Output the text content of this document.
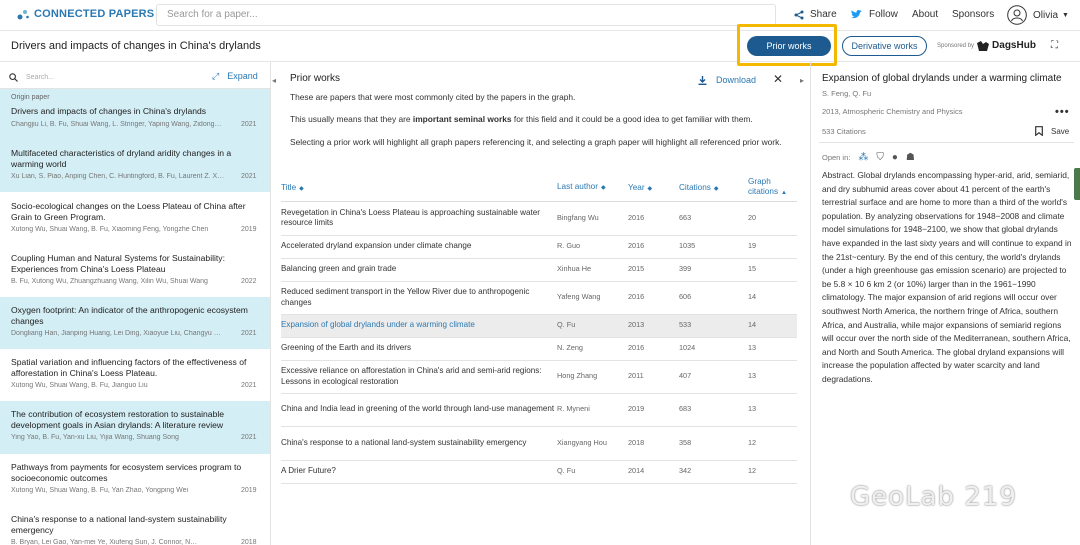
CONNECTED PAPERS	Search for a paper...	Share	Follow About Sponsors	Olivia ▼
Drivers and impacts of changes in China's drylands	Prior works	Derivative works	Sponsored by DagsHub ⛶
Search...	⤢ Expand
Origin paper
Drivers and impacts of changes in China's drylands
Changjiu Li, B. Fu, Shuai Wang, L. Stringer, Yaping Wang, Zidong…	2021
Multifaceted characteristics of dryland aridity changes in a warming world
Xu Lian, S. Piao, Anping Chen, C. Huntingford, B. Fu, Laurent Z. X…	2021
Socio-ecological changes on the Loess Plateau of China after Grain to Green Program.
Xutong Wu, Shuai Wang, B. Fu, Xiaoming Feng, Yongzhe Chen	2019
Coupling Human and Natural Systems for Sustainability: Experiences from China's Loess Plateau
B. Fu, Xutong Wu, Zhuangzhuang Wang, Xilin Wu, Shuai Wang	2022
Oxygen footprint: An indicator of the anthropogenic ecosystem changes
Dongliang Han, Jianping Huang, Lei Ding, Xiaoyue Liu, Changyu …	2021
Spatial variation and influencing factors of the effectiveness of afforestation in China's Loess Plateau.
Xutong Wu, Shuai Wang, B. Fu, Jianguo Liu	2021
The contribution of ecosystem restoration to sustainable development goals in Asian drylands: A literature review
Ying Yao, B. Fu, Yan-xu Liu, Yijia Wang, Shuang Song	2021
Pathways from payments for ecosystem services program to socioeconomic outcomes
Xutong Wu, Shuai Wang, B. Fu, Yan Zhao, Yongping Wei	2019
China's response to a national land-system sustainability emergency
B. Bryan, Lei Gao, Yan-mei Ye, Xiufeng Sun, J. Connor, N…	2018
◂	▸
Prior works	Download ✕
These are papers that were most commonly cited by the papers in the graph.
This usually means that they are important seminal works for this field and it could be a good idea to get familiar with them.
Selecting a prior work will highlight all graph papers referencing it, and selecting a graph paper will highlight all referenced prior work.
Title ◆	Last author ◆	Year ◆	Citations ◆	Graph citations ▲
Revegetation in China's Loess Plateau is approaching sustainable water resource limits	Bingfang Wu	2016	663	20
Accelerated dryland expansion under climate change	R. Guo	2016	1035	19
Balancing green and grain trade	Xinhua He	2015	399	15
Reduced sediment transport in the Yellow River due to anthropogenic changes	Yafeng Wang	2016	606	14
Expansion of global drylands under a warming climate	Q. Fu	2013	533	14
Greening of the Earth and its drivers	N. Zeng	2016	1024	13
Excessive reliance on afforestation in China's arid and semi-arid regions: Lessons in ecological restoration	Hong Zhang	2011	407	13
China and India lead in greening of the world through land-use management	R. Myneni	2019	683	13
China's response to a national land-system sustainability emergency	Xiangyang Hou	2018	358	12
A Drier Future?	Q. Fu	2014	342	12
Expansion of global drylands under a warming climate
S. Feng, Q. Fu
2013, Atmospheric Chemistry and Physics	•••
533 Citations	Save
Open in: ⁂ ⛉ ● ☗
Abstract. Global drylands encompassing hyper-arid, arid, semiarid, and dry subhumid areas cover about 41 percent of the earth's terrestrial surface and are home to more than a third of the world's population. By analyzing observations for 1948−2008 and climate model simulations for 1948−2100, we show that global drylands have expanded in the last sixty years and will continue to expand in the 21st~century. By the end of this century, the world's drylands (under a high greenhouse gas emission scenario) are projected to be 5.8 × 10 6 km 2 (or 10%) larger than in the 1961−1990 climatology. The major expansion of arid regions will occur over southwest North America, the northern fringe of Africa, southern Africa, and Australia, while major expansions of semiarid regions will occur over the north side of the Mediterranean, southern Africa, and North and South America. The global dryland expansions will increase the population affected by water scarcity and land degradations.
GeoLab 219
